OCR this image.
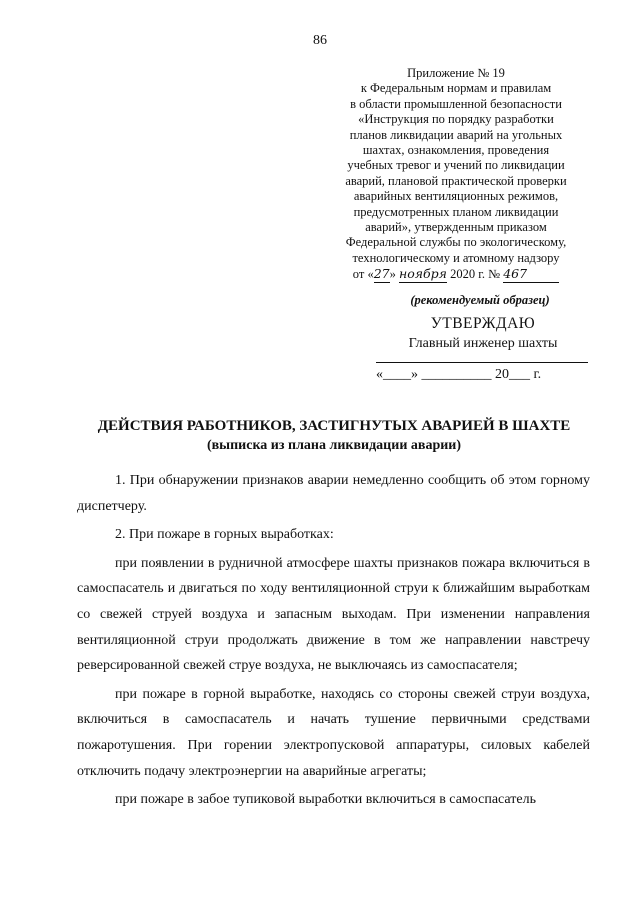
86
Приложение № 19
к Федеральным нормам и правилам
в области промышленной безопасности
«Инструкция по порядку разработки
планов ликвидации аварий на угольных
шахтах, ознакомления, проведения
учебных тревог и учений по ликвидации
аварий, плановой практической проверки
аварийных вентиляционных режимов,
предусмотренных планом ликвидации
аварий», утвержденным приказом
Федеральной службы по экологическому,
технологическому и атомному надзору
от «27» ноября 2020 г. № 467
(рекомендуемый образец)
УТВЕРЖДАЮ
Главный инженер шахты
«____» __________ 20___ г.
ДЕЙСТВИЯ РАБОТНИКОВ, ЗАСТИГНУТЫХ АВАРИЕЙ В ШАХТЕ
(выписка из плана ликвидации аварии)

1. При обнаружении признаков аварии немедленно сообщить об этом горному диспетчеру.

2. При пожаре в горных выработках:

при появлении в рудничной атмосфере шахты признаков пожара включиться в самоспасатель и двигаться по ходу вентиляционной струи к ближайшим выработкам со свежей струей воздуха и запасным выходам. При изменении направления вентиляционной струи продолжать движение в том же направлении навстречу реверсированной свежей струе воздуха, не выключаясь из самоспасателя;

при пожаре в горной выработке, находясь со стороны свежей струи воздуха, включиться в самоспасатель и начать тушение первичными средствами пожаротушения. При горении электропусковой аппаратуры, силовых кабелей отключить подачу электроэнергии на аварийные агрегаты;

при пожаре в забое тупиковой выработки включиться в самоспасатель
